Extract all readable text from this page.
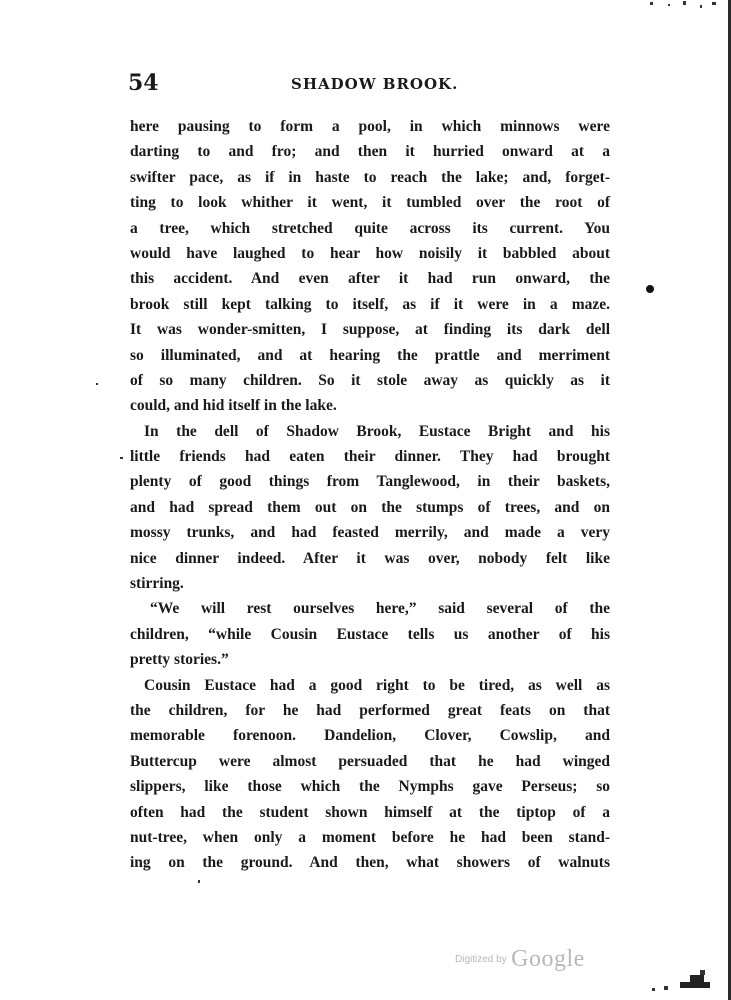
54	SHADOW BROOK.
here pausing to form a pool, in which minnows were
darting to and fro; and then it hurried onward at a
swifter pace, as if in haste to reach the lake; and, forget-
ting to look whither it went, it tumbled over the root of
a tree, which stretched quite across its current. You
would have laughed to hear how noisily it babbled about
this accident. And even after it had run onward, the
brook still kept talking to itself, as if it were in a maze.
It was wonder-smitten, I suppose, at finding its dark dell
so illuminated, and at hearing the prattle and merriment
of so many children. So it stole away as quickly as it
could, and hid itself in the lake.
In the dell of Shadow Brook, Eustace Bright and his
little friends had eaten their dinner. They had brought
plenty of good things from Tanglewood, in their baskets,
and had spread them out on the stumps of trees, and on
mossy trunks, and had feasted merrily, and made a very
nice dinner indeed. After it was over, nobody felt like
stirring.
“We will rest ourselves here,” said several of the
children, “while Cousin Eustace tells us another of his
pretty stories.”
Cousin Eustace had a good right to be tired, as well as
the children, for he had performed great feats on that
memorable forenoon. Dandelion, Clover, Cowslip, and
Buttercup were almost persuaded that he had winged
slippers, like those which the Nymphs gave Perseus; so
often had the student shown himself at the tiptop of a
nut-tree, when only a moment before he had been stand-
ing on the ground. And then, what showers of walnuts
Digitized by Google
